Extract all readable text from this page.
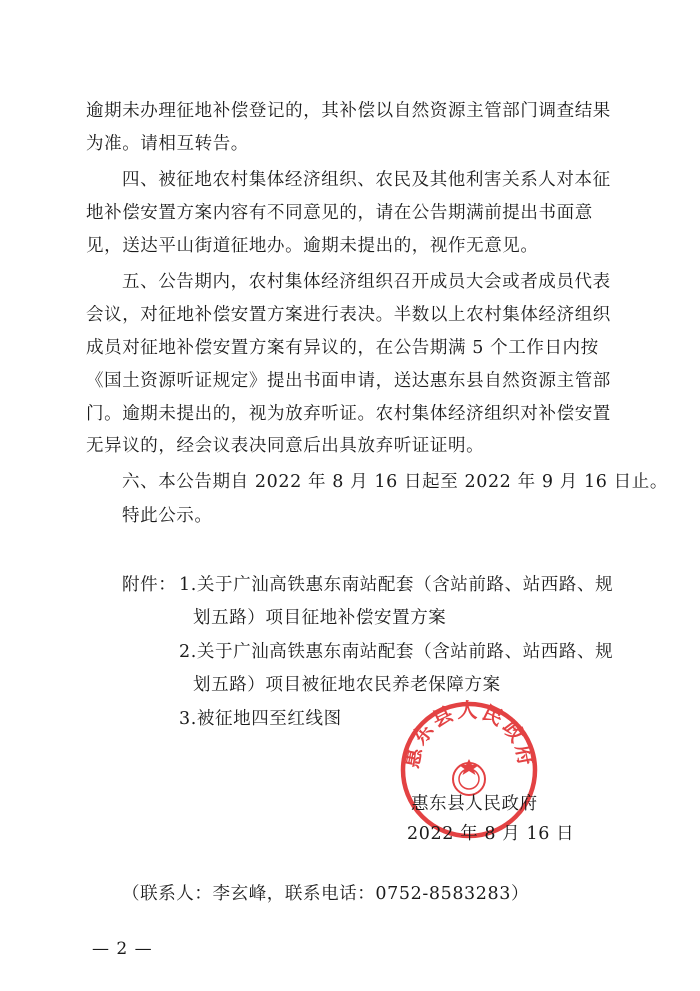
逾期未办理征地补偿登记的，其补偿以自然资源主管部门调查结果
为准。请相互转告。
四、被征地农村集体经济组织、农民及其他利害关系人对本征
地补偿安置方案内容有不同意见的，请在公告期满前提出书面意
见，送达平山街道征地办。逾期未提出的，视作无意见。
五、公告期内，农村集体经济组织召开成员大会或者成员代表
会议，对征地补偿安置方案进行表决。半数以上农村集体经济组织
成员对征地补偿安置方案有异议的，在公告期满 5 个工作日内按
《国土资源听证规定》提出书面申请，送达惠东县自然资源主管部
门。逾期未提出的，视为放弃听证。农村集体经济组织对补偿安置
无异议的，经会议表决同意后出具放弃听证证明。
六、本公告期自 2022 年 8 月 16 日起至 2022 年 9 月 16 日止。
特此公示。
附件： 1.关于广汕高铁惠东南站配套（含站前路、站西路、规
划五路）项目征地补偿安置方案
2.关于广汕高铁惠东南站配套（含站前路、站西路、规
划五路）项目被征地农民养老保障方案
3.被征地四至红线图
惠东县人民政府
惠东县人民政府
2022 年 8 月 16 日
（联系人：李玄峰，联系电话：0752-8583283）
— 2 —
